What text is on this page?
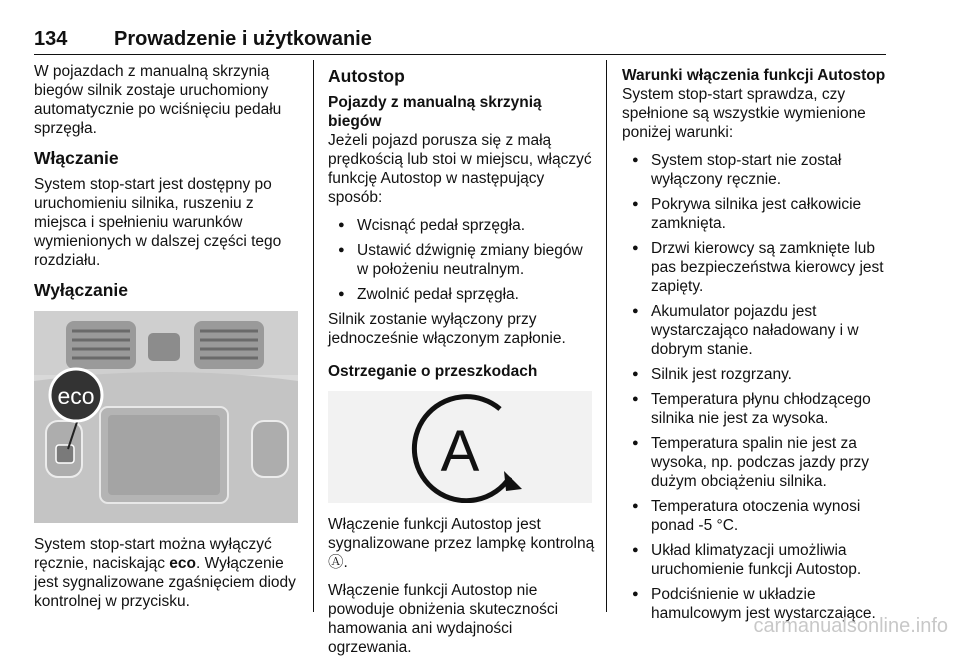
134 Prowadzenie i użytkowanie

W pojazdach z manualną skrzynią biegów silnik zostaje uruchomiony automatycznie po wciśnięciu pedału sprzęgła.

Włączanie

System stop-start jest dostępny po uruchomieniu silnika, ruszeniu z miejsca i spełnieniu warunków wymienionych w dalszej części tego rozdziału.

Wyłączanie
eco

System stop-start można wyłączyć ręcznie, naciskając eco. Wyłączenie jest sygnalizowane zgaśnięciem diody kontrolnej w przycisku.

Autostop
Pojazdy z manualną skrzynią biegów

Jeżeli pojazd porusza się z małą prędkością lub stoi w miejscu, włączyć funkcję Autostop w następujący sposób:

● Wcisnąć pedał sprzęgła.
● Ustawić dźwignię zmiany biegów w położeniu neutralnym.
● Zwolnić pedał sprzęgła.

Silnik zostanie wyłączony przy jednocześnie włączonym zapłonie.

Ostrzeganie o przeszkodach
A

Włączenie funkcji Autostop jest sygnalizowane przez lampkę kontrolną Ⓐ.

Włączenie funkcji Autostop nie powoduje obniżenia skuteczności hamowania ani wydajności ogrzewania.

Warunki włączenia funkcji Autostop

System stop-start sprawdza, czy spełnione są wszystkie wymienione poniżej warunki:

● System stop-start nie został wyłączony ręcznie.
● Pokrywa silnika jest całkowicie zamknięta.
● Drzwi kierowcy są zamknięte lub pas bezpieczeństwa kierowcy jest zapięty.
● Akumulator pojazdu jest wystarczająco naładowany i w dobrym stanie.
● Silnik jest rozgrzany.
● Temperatura płynu chłodzącego silnika nie jest za wysoka.
● Temperatura spalin nie jest za wysoka, np. podczas jazdy przy dużym obciążeniu silnika.
● Temperatura otoczenia wynosi ponad -5 °C.
● Układ klimatyzacji umożliwia uruchomienie funkcji Autostop.
● Podciśnienie w układzie hamulcowym jest wystarczające.
carmanualsonline.info
